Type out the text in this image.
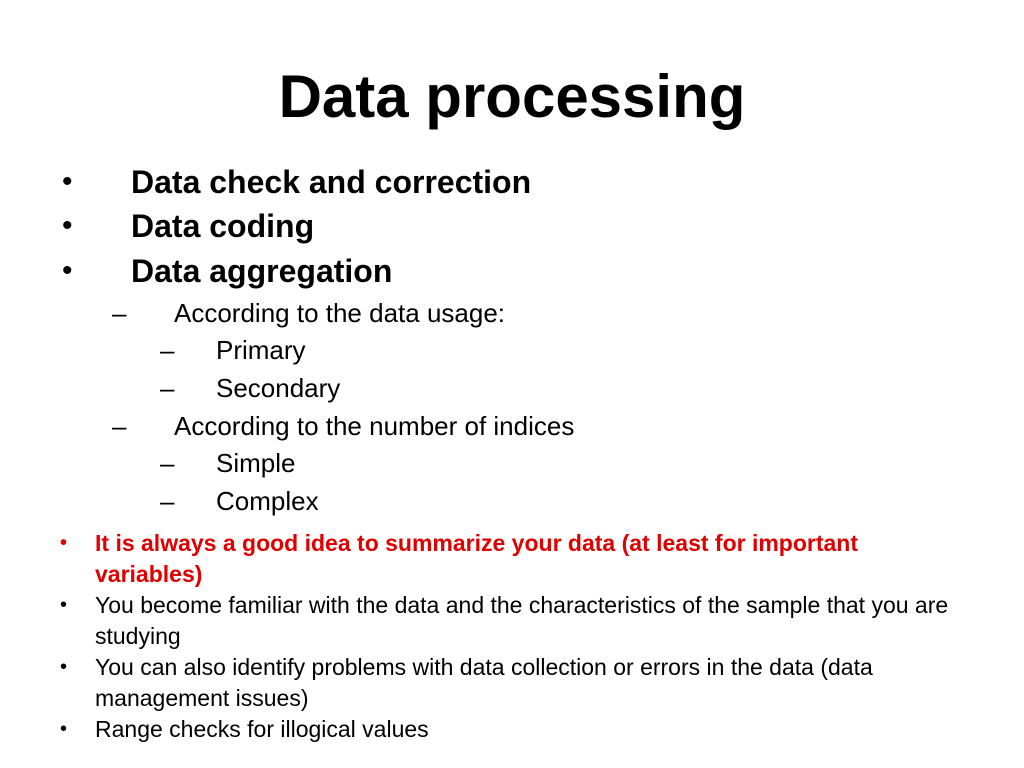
Data processing
• Data check and correction
• Data coding
• Data aggregation
– According to the data usage:
– Primary
– Secondary
– According to the number of indices
– Simple
– Complex
• It is always a good idea to summarize your data (at least for important variables)
• You become familiar with the data and the characteristics of the sample that you are studying
• You can also identify problems with data collection or errors in the data (data management issues)
• Range checks for illogical values
